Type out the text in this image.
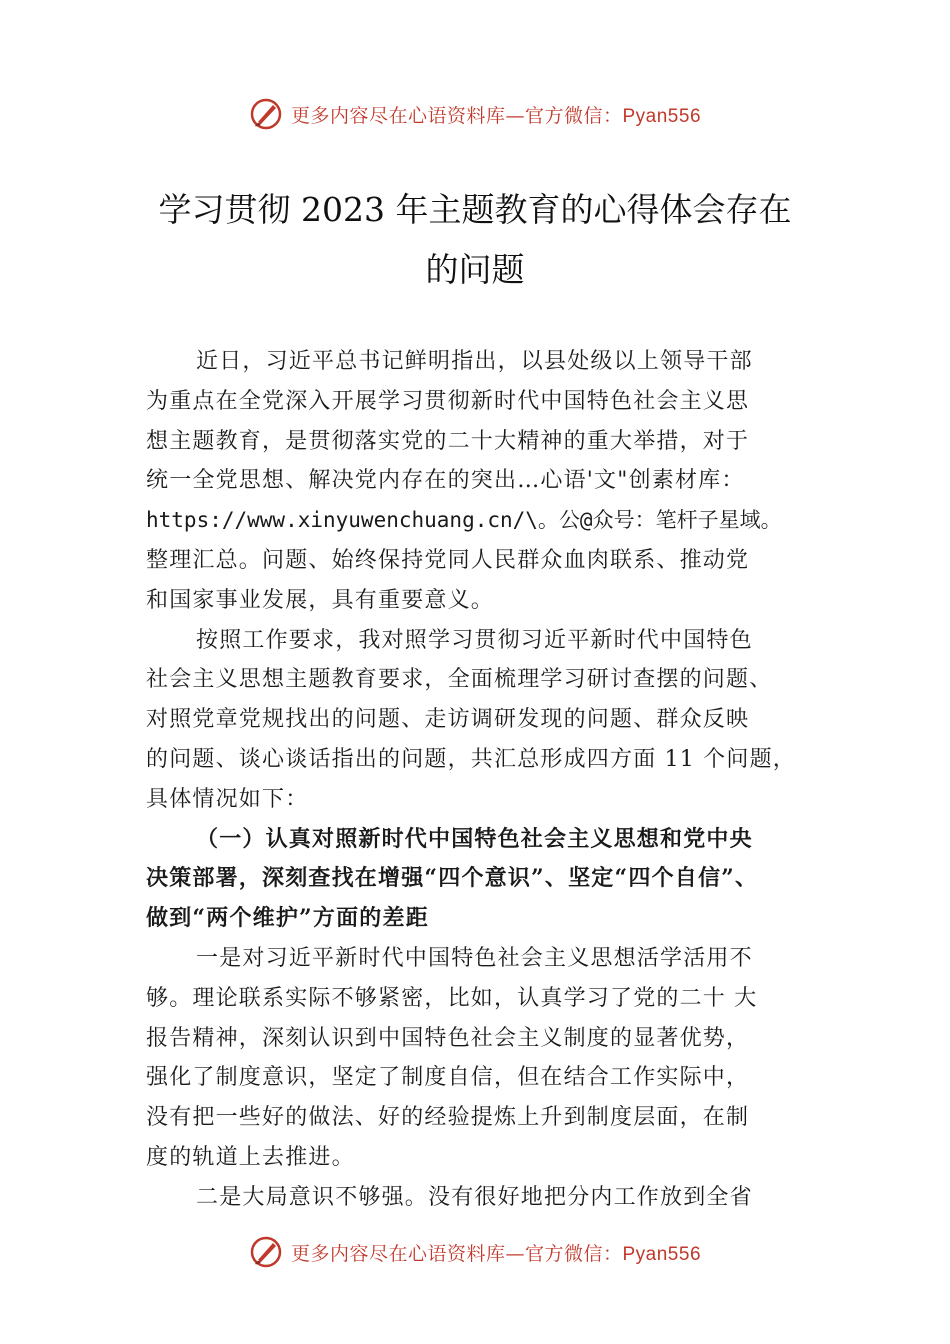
更多内容尽在心语资料库—官方微信：Pyan556
学习贯彻 2023 年主题教育的心得体会存在
的问题

近日，习近平总书记鲜明指出，以县处级以上领导干部

为重点在全党深入开展学习贯彻新时代中国特色社会主义思

想主题教育，是贯彻落实党的二十大精神的重大举措，对于

统一全党思想、解决党内存在的突出…心语'文"创素材库：

https://www.xinyuwenchuang.cn/\。公@众号：笔杆子星域。

整理汇总。问题、始终保持党同人民群众血肉联系、推动党

和国家事业发展，具有重要意义。

按照工作要求，我对照学习贯彻习近平新时代中国特色

社会主义思想主题教育要求，全面梳理学习研讨查摆的问题、

对照党章党规找出的问题、走访调研发现的问题、群众反映

的问题、谈心谈话指出的问题，共汇总形成四方面 11 个问题，

具体情况如下：

（一）认真对照新时代中国特色社会主义思想和党中央

决策部署，深刻查找在增强“四个意识”、坚定“四个自信”、

做到“两个维护”方面的差距

一是对习近平新时代中国特色社会主义思想活学活用不

够。理论联系实际不够紧密，比如，认真学习了党的二十 大

报告精神，深刻认识到中国特色社会主义制度的显著优势，

强化了制度意识，坚定了制度自信，但在结合工作实际中，

没有把一些好的做法、好的经验提炼上升到制度层面，在制

度的轨道上去推进。

二是大局意识不够强。没有很好地把分内工作放到全省

更多内容尽在心语资料库—官方微信：Pyan556
